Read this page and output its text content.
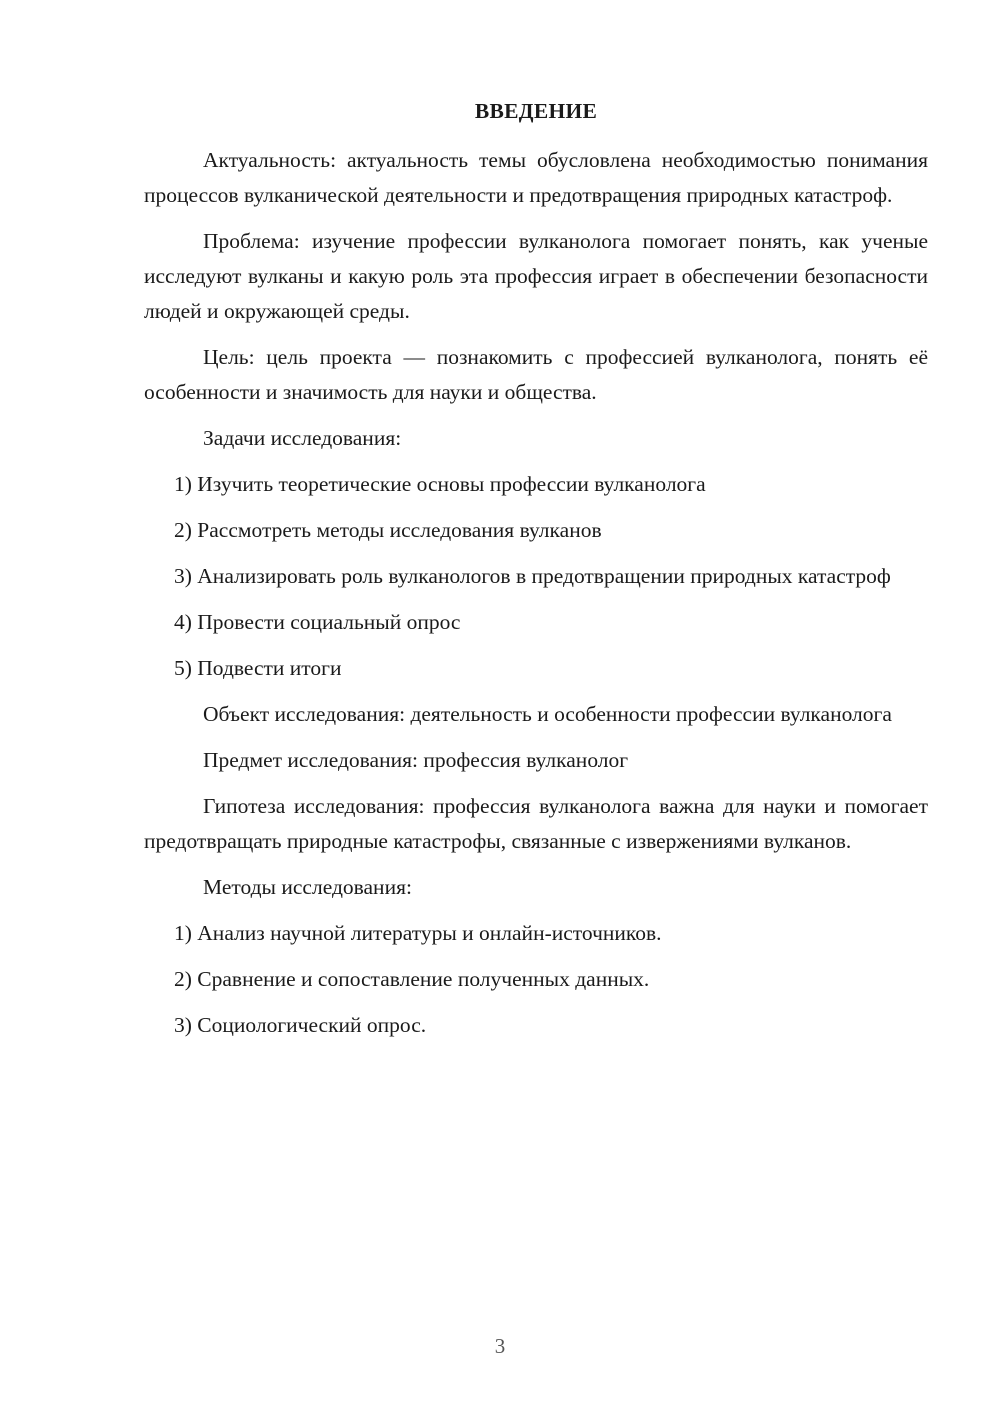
ВВЕДЕНИЕ

Актуальность: актуальность темы обусловлена необходимостью понимания процессов вулканической деятельности и предотвращения природных катастроф.

Проблема: изучение профессии вулканолога помогает понять, как ученые исследуют вулканы и какую роль эта профессия играет в обеспечении безопасности людей и окружающей среды.

Цель: цель проекта — познакомить с профессией вулканолога, понять её особенности и значимость для науки и общества.

Задачи исследования:

1) Изучить теоретические основы профессии вулканолога

2) Рассмотреть методы исследования вулканов

3) Анализировать роль вулканологов в предотвращении природных катастроф

4) Провести социальный опрос

5) Подвести итоги

Объект исследования: деятельность и особенности профессии вулканолога

Предмет исследования: профессия вулканолог

Гипотеза исследования: профессия вулканолога важна для науки и помогает предотвращать природные катастрофы, связанные с извержениями вулканов.

Методы исследования:

1) Анализ научной литературы и онлайн-источников.

2) Сравнение и сопоставление полученных данных.

3) Социологический опрос.

3
